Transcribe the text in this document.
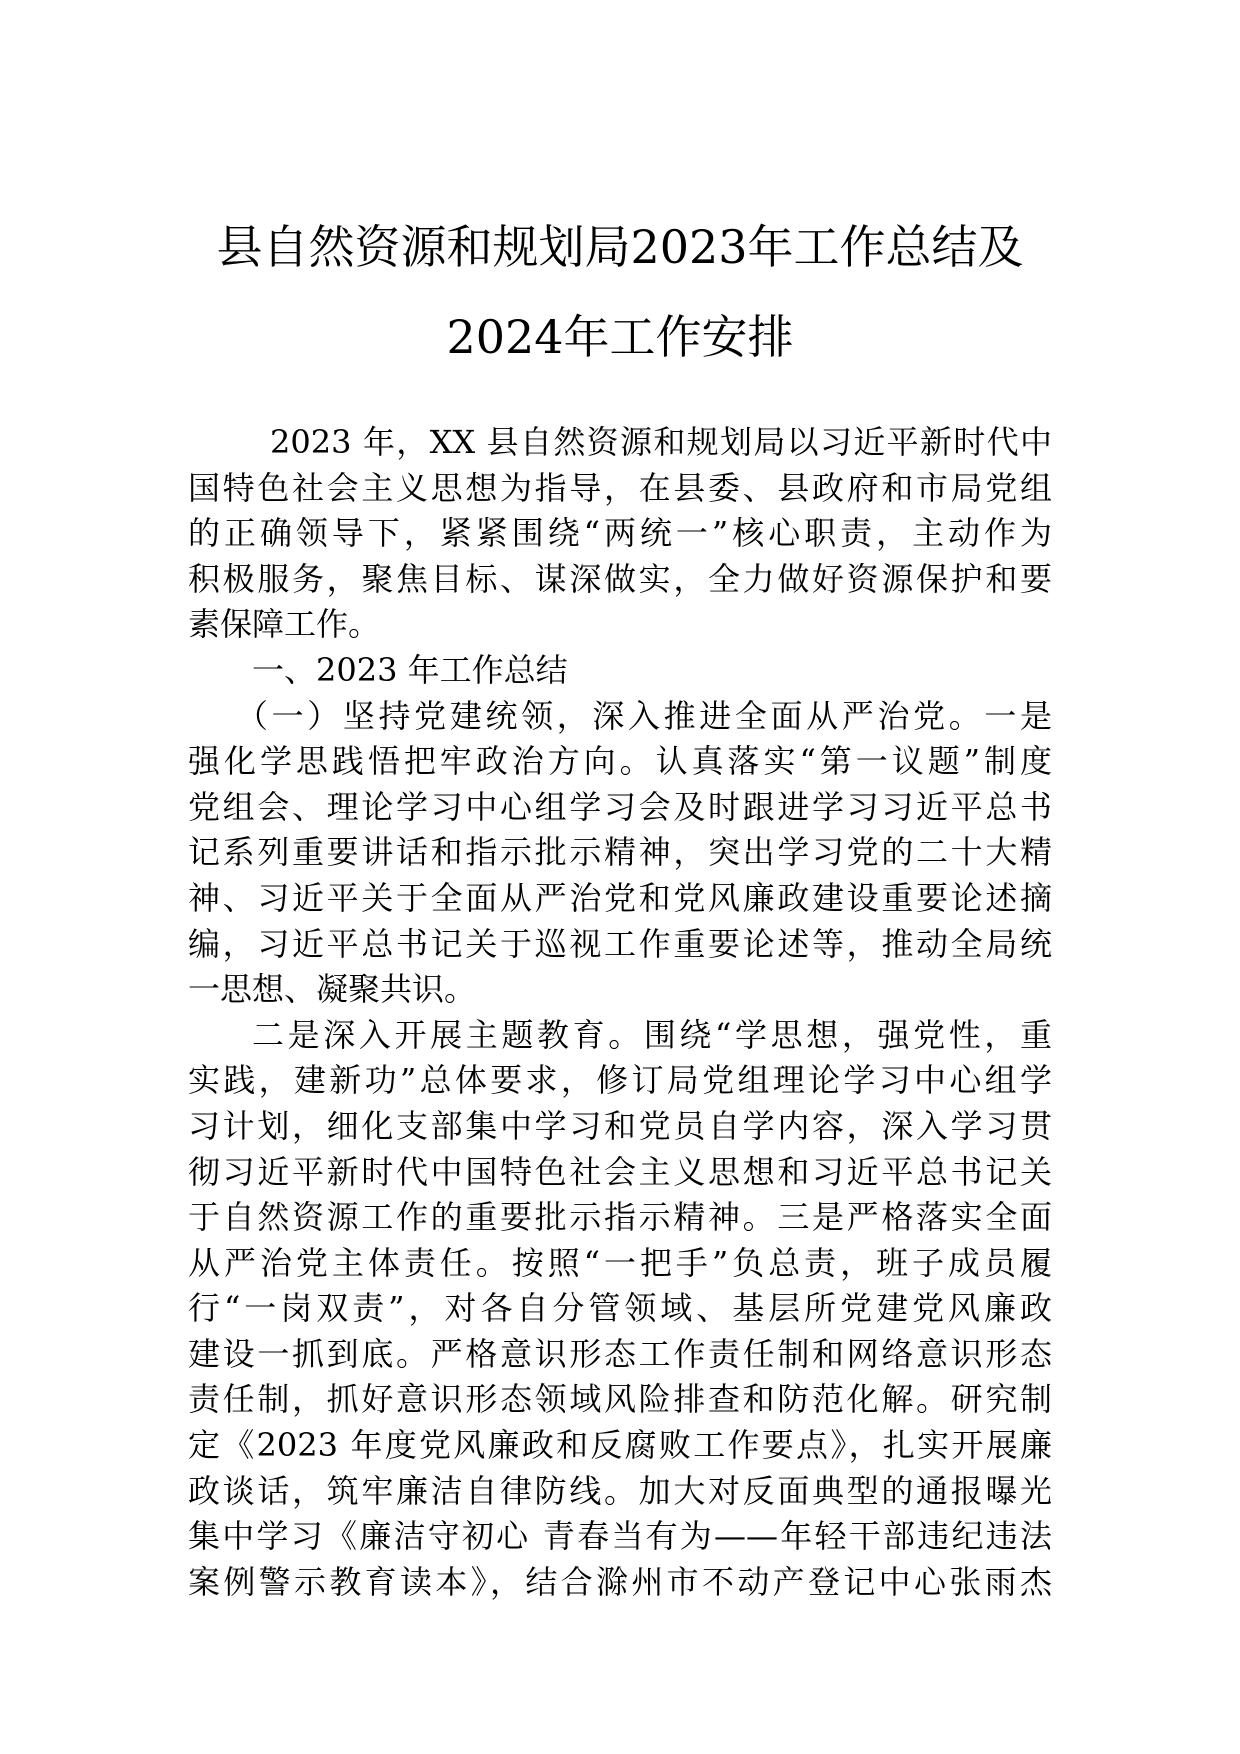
县自然资源和规划局2023年工作总结及
2024年工作安排
2023 年，XX 县自然资源和规划局以习近平新时代中
国特色社会主义思想为指导，在县委、县政府和市局党组
的正确领导下，紧紧围绕“两统一”核心职责，主动作为
积极服务，聚焦目标、谋深做实，全力做好资源保护和要
素保障工作。
一、2023 年工作总结
（一）坚持党建统领，深入推进全面从严治党。一是
强化学思践悟把牢政治方向。认真落实“第一议题”制度
党组会、理论学习中心组学习会及时跟进学习习近平总书
记系列重要讲话和指示批示精神，突出学习党的二十大精
神、习近平关于全面从严治党和党风廉政建设重要论述摘
编，习近平总书记关于巡视工作重要论述等，推动全局统
一思想、凝聚共识。
二是深入开展主题教育。围绕“学思想，强党性，重
实践，建新功”总体要求，修订局党组理论学习中心组学
习计划，细化支部集中学习和党员自学内容，深入学习贯
彻习近平新时代中国特色社会主义思想和习近平总书记关
于自然资源工作的重要批示指示精神。三是严格落实全面
从严治党主体责任。按照“一把手”负总责，班子成员履
行“一岗双责”，对各自分管领域、基层所党建党风廉政
建设一抓到底。严格意识形态工作责任制和网络意识形态
责任制，抓好意识形态领域风险排查和防范化解。研究制
定《2023 年度党风廉政和反腐败工作要点》，扎实开展廉
政谈话，筑牢廉洁自律防线。加大对反面典型的通报曝光
集中学习《廉洁守初心 青春当有为——年轻干部违纪违法
案例警示教育读本》，结合滁州市不动产登记中心张雨杰
